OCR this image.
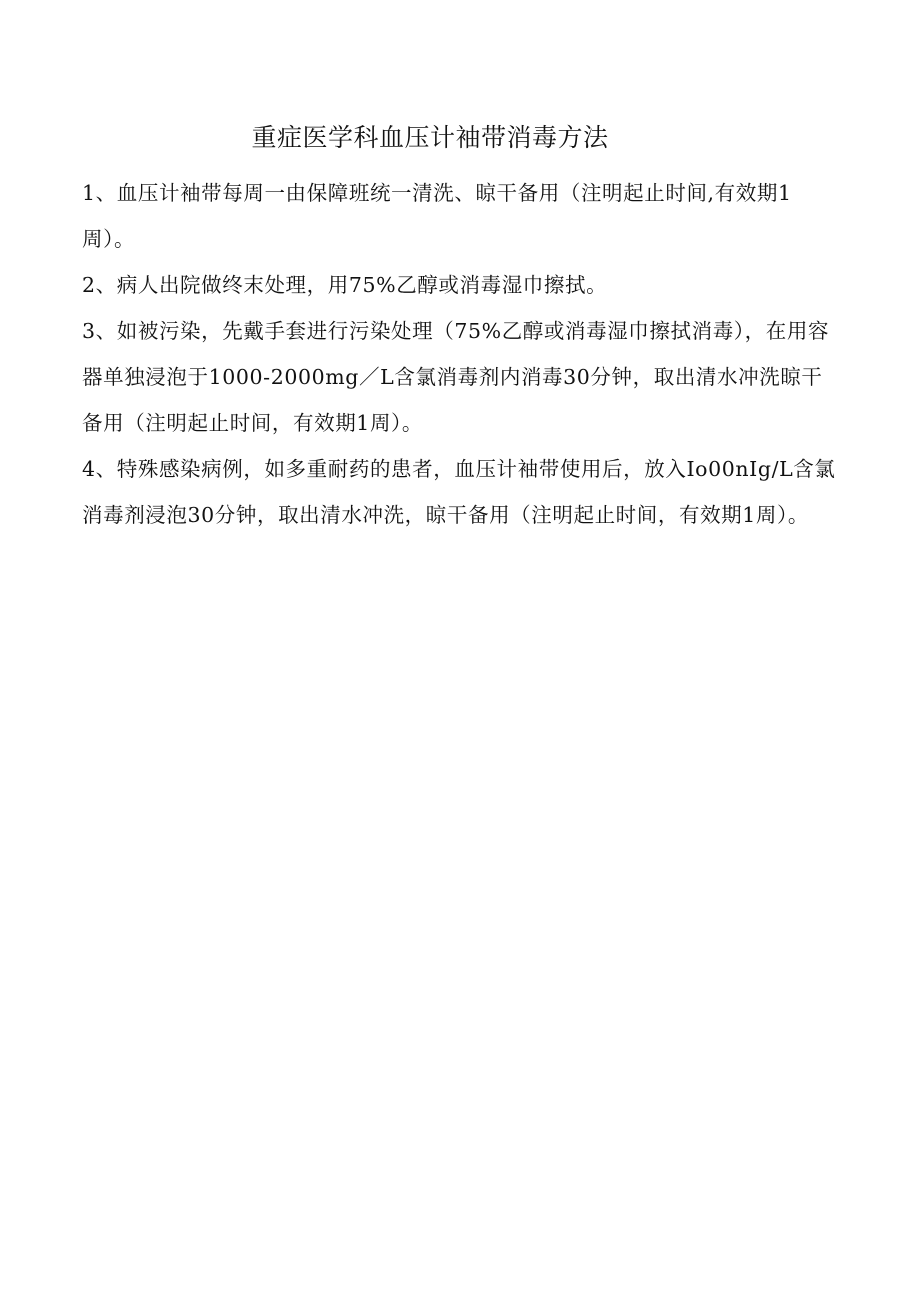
重症医学科血压计袖带消毒方法

1、血压计袖带每周一由保障班统一清洗、晾干备用（注明起止时间,有效期1周）。

2、病人出院做终末处理，用75%乙醇或消毒湿巾擦拭。

3、如被污染，先戴手套进行污染处理（75%乙醇或消毒湿巾擦拭消毒），在用容器单独浸泡于1000-2000mg／L含氯消毒剂内消毒30分钟，取出清水冲洗晾干备用（注明起止时间，有效期1周）。

4、特殊感染病例，如多重耐药的患者，血压计袖带使用后，放入Io00nIg/L含氯消毒剂浸泡30分钟，取出清水冲洗，晾干备用（注明起止时间，有效期1周）。
